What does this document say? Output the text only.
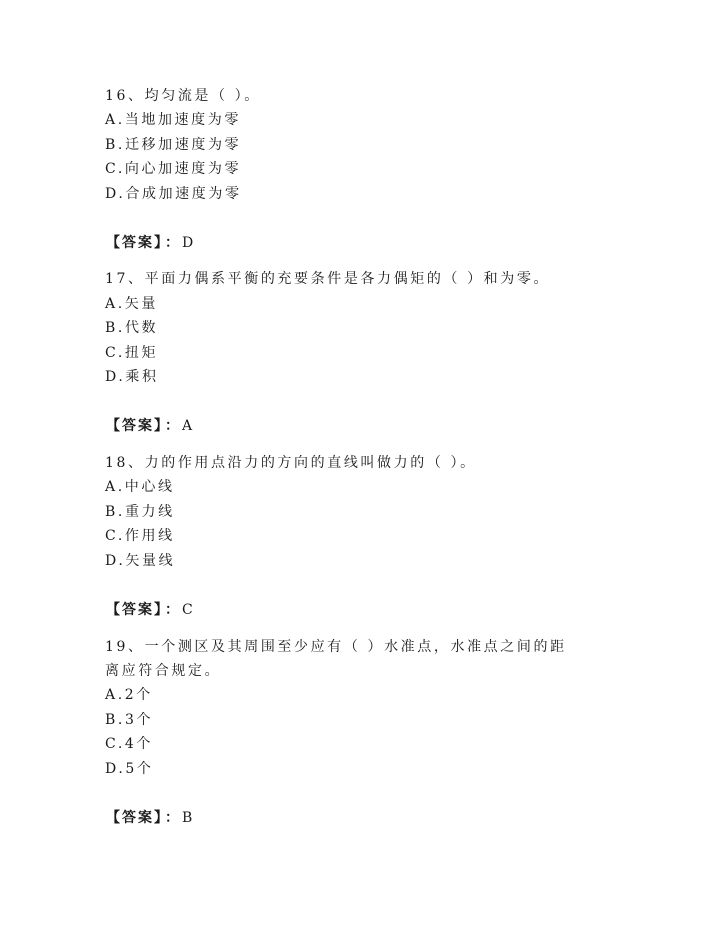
16、均匀流是（ ）。
A.当地加速度为零
B.迁移加速度为零
C.向心加速度为零
D.合成加速度为零
【答案】 ： D
17、平面力偶系平衡的充要条件是各力偶矩的（ ）和为零。
A.矢量
B.代数
C.扭矩
D.乘积
【答案】 ： A
18、力的作用点沿力的方向的直线叫做力的（ ）。
A.中心线
B.重力线
C.作用线
D.矢量线
【答案】 ： C
19、一个测区及其周围至少应有（ ）水准点，水准点之间的距
离应符合规定。
A.2个
B.3个
C.4个
D.5个
【答案】 ： B
